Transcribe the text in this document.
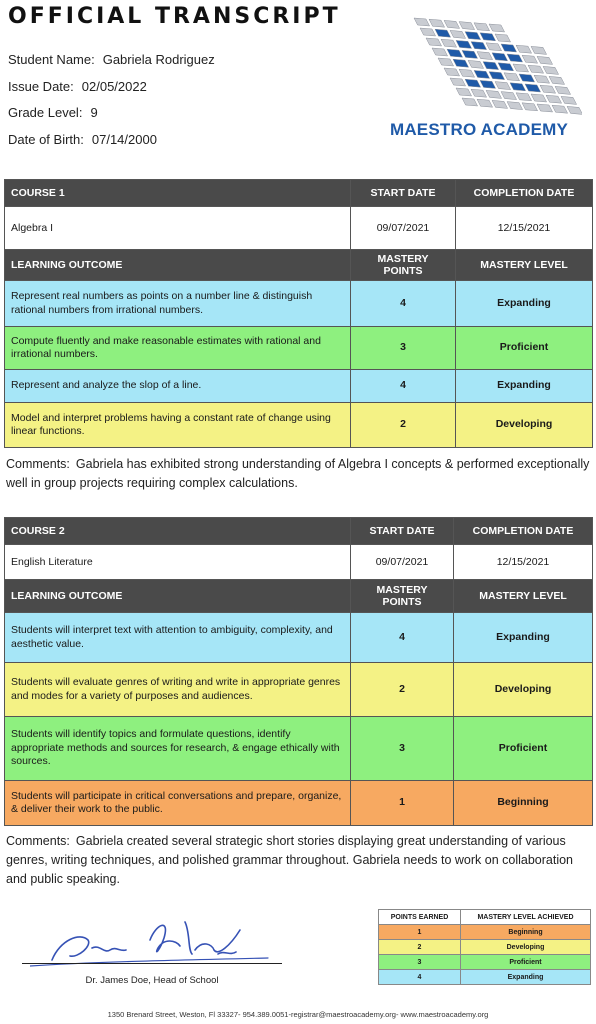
OFFICIAL TRANSCRIPT
Student Name: Gabriela Rodriguez
Issue Date: 02/05/2022
Grade Level: 9
Date of Birth: 07/14/2000
MAESTRO ACADEMY
COURSE 1	START DATE	COMPLETION DATE
Algebra I	09/07/2021	12/15/2021
LEARNING OUTCOME	MASTERY POINTS	MASTERY LEVEL
Represent real numbers as points on a number line & distinguish rational numbers from irrational numbers.	4	Expanding
Compute fluently and make reasonable estimates with rational and irrational numbers.	3	Proficient
Represent and analyze the slop of a line.	4	Expanding
Model and interpret problems having a constant rate of change using linear functions.	2	Developing
Comments: Gabriela has exhibited strong understanding of Algebra I concepts & performed exceptionally well in group projects requiring complex calculations.
COURSE 2	START DATE	COMPLETION DATE
English Literature	09/07/2021	12/15/2021
LEARNING OUTCOME	MASTERY POINTS	MASTERY LEVEL
Students will interpret text with attention to ambiguity, complexity, and aesthetic value.	4	Expanding
Students will evaluate genres of writing and write in appropriate genres and modes for a variety of purposes and audiences.	2	Developing
Students will identify topics and formulate questions, identify appropriate methods and sources for research, & engage ethically with sources.	3	Proficient
Students will participate in critical conversations and prepare, organize, & deliver their work to the public.	1	Beginning
Comments: Gabriela created several strategic short stories displaying great understanding of various genres, writing techniques, and polished grammar throughout. Gabriela needs to work on collaboration and public speaking.
Dr. James Doe, Head of School
POINTS EARNED	MASTERY LEVEL ACHIEVED
1	Beginning
2	Developing
3	Proficient
4	Expanding
1350 Brenard Street, Weston, Fl 33327- 954.389.0051-registrar@maestroacademy.org- www.maestroacademy.org
